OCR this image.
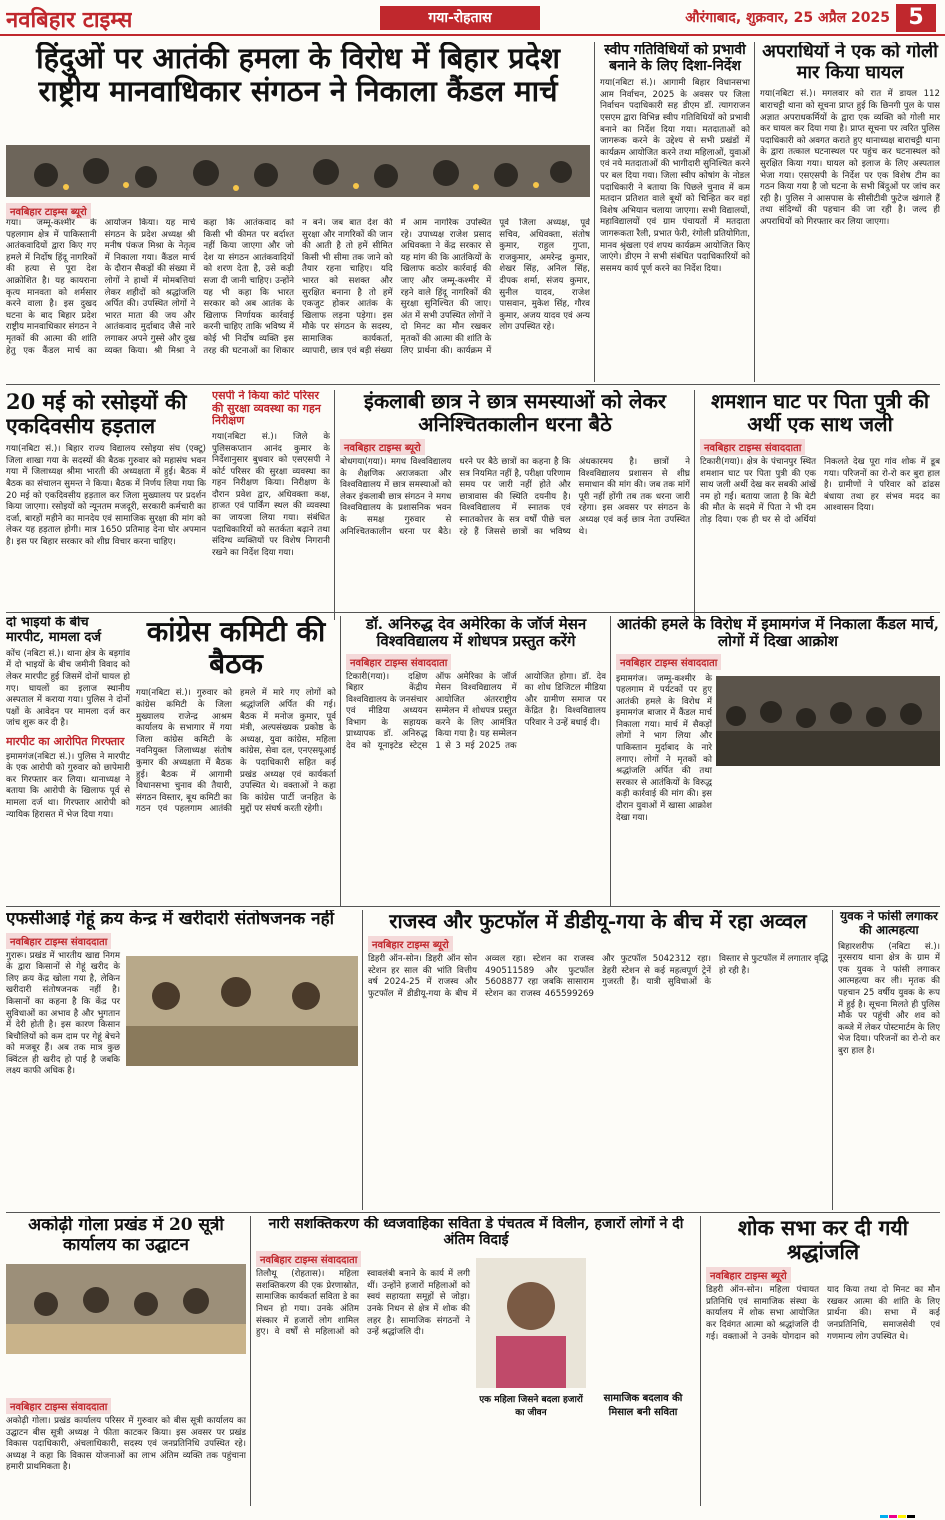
नवबिहार टाइम्स	गया-रोहतास	औरंगाबाद, शुक्रवार, 25 अप्रैल 2025 5
हिंदुओं पर आतंकी हमला के विरोध में बिहार प्रदेश राष्ट्रीय मानवाधिकार संगठन ने निकाला कैंडल मार्च
नवबिहार टाइम्स ब्यूरो
गया। जम्मू-कश्मीर के पहलगाम क्षेत्र में पाकिस्तानी आतंकवादियों द्वारा किए गए हमले में निर्दोष हिंदू नागरिकों की हत्या से पूरा देश आक्रोशित है। यह कायराना कृत्य मानवता को शर्मसार करने वाला है। इस दुखद घटना के बाद बिहार प्रदेश राष्ट्रीय मानवाधिकार संगठन ने मृतकों की आत्मा की शांति हेतु एक कैंडल मार्च का आयोजन किया। यह मार्च संगठन के प्रदेश अध्यक्ष श्री मनीष पंकज मिश्रा के नेतृत्व में निकाला गया। कैंडल मार्च के दौरान सैकड़ों की संख्या में लोगों ने हाथों में मोमबत्तियां लेकर शहीदों को श्रद्धांजलि अर्पित की। उपस्थित लोगों ने भारत माता की जय और आतंकवाद मुर्दाबाद जैसे नारे लगाकर अपने गुस्से और दुख व्यक्त किया। श्री मिश्रा ने कहा कि आतंकवाद को किसी भी कीमत पर बर्दाश्त नहीं किया जाएगा और जो देश या संगठन आतंकवादियों को शरण देता है, उसे कड़ी सजा दी जानी चाहिए। उन्होंने यह भी कहा कि भारत सरकार को अब आतंक के खिलाफ निर्णायक कार्रवाई करनी चाहिए ताकि भविष्य में कोई भी निर्दोष व्यक्ति इस तरह की घटनाओं का शिकार न बने। जब बात देश की सुरक्षा और नागरिकों की जान की आती है तो हमें सीमित किसी भी सीमा तक जाने को तैयार रहना चाहिए। यदि भारत को सशक्त और सुरक्षित बनाना है तो हमें एकजुट होकर आतंक के खिलाफ लड़ना पड़ेगा। इस मौके पर संगठन के सदस्य, सामाजिक कार्यकर्ता, व्यापारी, छात्र एवं बड़ी संख्या में आम नागरिक उपस्थित रहे। उपाध्यक्ष राजेश प्रसाद अधिवक्ता ने केंद्र सरकार से यह मांग की कि आतंकियों के खिलाफ कठोर कार्रवाई की जाए और जम्मू-कश्मीर में रहने वाले हिंदू नागरिकों की सुरक्षा सुनिश्चित की जाए। अंत में सभी उपस्थित लोगों ने दो मिनट का मौन रखकर मृतकों की आत्मा की शांति के लिए प्रार्थना की। कार्यक्रम में पूर्व जिला अध्यक्ष, पूर्व सचिव, अधिवक्ता, संतोष कुमार, राहुल गुप्ता, राजकुमार, अमरेन्द्र कुमार, शेखर सिंह, अनिल सिंह, दीपक शर्मा, संजय कुमार, सुनील यादव, राजेश पासवान, मुकेश सिंह, गौरव कुमार, अजय यादव एवं अन्य लोग उपस्थित रहे।
स्वीप गतिविधियों को प्रभावी बनाने के लिए दिशा-निर्देश
गया(नबिटा सं.)। आगामी बिहार विधानसभा आम निर्वाचन, 2025 के अवसर पर जिला निर्वाचन पदाधिकारी सह डीएम डॉ. त्यागराजन एसएम द्वारा विभिन्न स्वीप गतिविधियों को प्रभावी बनाने का निर्देश दिया गया। मतदाताओं को जागरूक करने के उद्देश्य से सभी प्रखंडों में कार्यक्रम आयोजित करने तथा महिलाओं, युवाओं एवं नये मतदाताओं की भागीदारी सुनिश्चित करने पर बल दिया गया। जिला स्वीप कोषांग के नोडल पदाधिकारी ने बताया कि पिछले चुनाव में कम मतदान प्रतिशत वाले बूथों को चिन्हित कर वहां विशेष अभियान चलाया जाएगा। सभी विद्यालयों, महाविद्यालयों एवं ग्राम पंचायतों में मतदाता जागरूकता रैली, प्रभात फेरी, रंगोली प्रतियोगिता, मानव श्रृंखला एवं शपथ कार्यक्रम आयोजित किए जाएंगे। डीएम ने सभी संबंधित पदाधिकारियों को ससमय कार्य पूर्ण करने का निर्देश दिया।
अपराधियों ने एक को गोली मार किया घायल
गया(नबिटा सं.)। मगलवार को रात में डायल 112 बाराचट्टी थाना को सूचना प्राप्त हुई कि छिनगी पुल के पास अज्ञात अपराधकर्मियों के द्वारा एक व्यक्ति को गोली मार कर घायल कर दिया गया है। प्राप्त सूचना पर त्वरित पुलिस पदाधिकारी को अवगत कराते हुए थानाध्यक्ष बाराचट्टी थाना के द्वारा तत्काल घटनास्थल पर पहुंच कर घटनास्थल को सुरक्षित किया गया। घायल को इलाज के लिए अस्पताल भेजा गया। एसएसपी के निर्देश पर एक विशेष टीम का गठन किया गया है जो घटना के सभी बिंदुओं पर जांच कर रही है। पुलिस ने आसपास के सीसीटीवी फुटेज खंगाले हैं तथा संदिग्धों की पहचान की जा रही है। जल्द ही अपराधियों को गिरफ्तार कर लिया जाएगा।
20 मई को रसोइयों की एकदिवसीय हड़ताल
गया(नबिटा सं.)। बिहार राज्य विद्यालय रसोइया संघ (एक्टू) जिला शाखा गया के सदस्यों की बैठक गुरुवार को महासंघ भवन गया में जिलाध्यक्ष श्रीमा भारती की अध्यक्षता में हुई। बैठक में बैठक का संचालन सुमन्त ने किया। बैठक में निर्णय लिया गया कि 20 मई को एकदिवसीय हड़ताल कर जिला मुख्यालय पर प्रदर्शन किया जाएगा। रसोइयों को न्यूनतम मजदूरी, सरकारी कर्मचारी का दर्जा, बारहों महीने का मानदेय एवं सामाजिक सुरक्षा की मांग को लेकर यह हड़ताल होगी। मात्र 1650 प्रतिमाह देना घोर अपमान है। इस पर बिहार सरकार को शीघ्र विचार करना चाहिए।
एसपी ने किया कोर्ट परिसर की सुरक्षा व्यवस्था का गहन निरीक्षण
गया(नबिटा सं.)। जिले के पुलिसकप्तान आनंद कुमार के निर्देशानुसार बुधवार को एसएसपी ने कोर्ट परिसर की सुरक्षा व्यवस्था का गहन निरीक्षण किया। निरीक्षण के दौरान प्रवेश द्वार, अधिवक्ता कक्ष, हाजत एवं पार्किंग स्थल की व्यवस्था का जायजा लिया गया। संबंधित पदाधिकारियों को सतर्कता बढ़ाने तथा संदिग्ध व्यक्तियों पर विशेष निगरानी रखने का निर्देश दिया गया।
इंकलाबी छात्र ने छात्र समस्याओं को लेकर अनिश्चितकालीन धरना बैठे
नवबिहार टाइम्स ब्यूरो
बोधगया(गया)। मगध विश्वविद्यालय के शैक्षणिक अराजकता और विश्वविद्यालय में छात्र समस्याओं को लेकर इंकलाबी छात्र संगठन ने मगध विश्वविद्यालय के प्रशासनिक भवन के समक्ष गुरुवार से अनिश्चितकालीन धरना पर बैठे। धरने पर बैठे छात्रों का कहना है कि सत्र नियमित नहीं है, परीक्षा परिणाम समय पर जारी नहीं होते और छात्रावास की स्थिति दयनीय है। विश्वविद्यालय में स्नातक एवं स्नातकोत्तर के सत्र वर्षों पीछे चल रहे हैं जिससे छात्रों का भविष्य अंधकारमय है। छात्रों ने विश्वविद्यालय प्रशासन से शीघ्र समाधान की मांग की। जब तक मांगें पूरी नहीं होंगी तब तक धरना जारी रहेगा। इस अवसर पर संगठन के अध्यक्ष एवं कई छात्र नेता उपस्थित थे।
शमशान घाट पर पिता पुत्री की अर्थी एक साथ जली
नवबिहार टाइम्स संवाददाता
टिकारी(गया)। क्षेत्र के पंचानपुर स्थित शमशान घाट पर पिता पुत्री की एक साथ जली अर्थी देख कर सबकी आंखें नम हो गईं। बताया जाता है कि बेटी की मौत के सदमे में पिता ने भी दम तोड़ दिया। एक ही घर से दो अर्थियां निकलते देख पूरा गांव शोक में डूब गया। परिजनों का रो-रो कर बुरा हाल है। ग्रामीणों ने परिवार को ढांढस बंधाया तथा हर संभव मदद का आश्वासन दिया।
दो भाइयों के बीच मारपीट, मामला दर्ज
कोंच (नबिटा सं.)। थाना क्षेत्र के बड़गांव में दो भाइयों के बीच जमीनी विवाद को लेकर मारपीट हुई जिसमें दोनों घायल हो गए। घायलों का इलाज स्थानीय अस्पताल में कराया गया। पुलिस ने दोनों पक्षों के आवेदन पर मामला दर्ज कर जांच शुरू कर दी है।
मारपीट का आरोपित गिरफ्तार
इमामगंज(नबिटा सं.)। पुलिस ने मारपीट के एक आरोपी को गुरुवार को छापेमारी कर गिरफ्तार कर लिया। थानाध्यक्ष ने बताया कि आरोपी के खिलाफ पूर्व से मामला दर्ज था। गिरफ्तार आरोपी को न्यायिक हिरासत में भेज दिया गया।
कांग्रेस कमिटी की बैठक
गया(नबिटा सं.)। गुरुवार को कांग्रेस कमिटी के जिला मुख्यालय राजेन्द्र आश्रम कार्यालय के सभागार में गया जिला कांग्रेस कमिटी के नवनियुक्त जिलाध्यक्ष संतोष कुमार की अध्यक्षता में बैठक हुई। बैठक में आगामी विधानसभा चुनाव की तैयारी, संगठन विस्तार, बूथ कमिटी का गठन एवं पहलगाम आतंकी हमले में मारे गए लोगों को श्रद्धांजलि अर्पित की गई। बैठक में मनोज कुमार, पूर्व मंत्री, अल्पसंख्यक प्रकोष्ठ के अध्यक्ष, युवा कांग्रेस, महिला कांग्रेस, सेवा दल, एनएसयूआई के पदाधिकारी सहित कई प्रखंड अध्यक्ष एवं कार्यकर्ता उपस्थित थे। वक्ताओं ने कहा कि कांग्रेस पार्टी जनहित के मुद्दों पर संघर्ष करती रहेगी।
डॉ. अनिरुद्ध देव अमेरिका के जॉर्ज मेसन विश्वविद्यालय में शोधपत्र प्रस्तुत करेंगे
नवबिहार टाइम्स संवाददाता
टिकारी(गया)। दक्षिण बिहार केंद्रीय विश्वविद्यालय के जनसंचार एवं मीडिया अध्ययन विभाग के सहायक प्राध्यापक डॉ. अनिरुद्ध देव को यूनाइटेड स्टेट्स ऑफ अमेरिका के जॉर्ज मेसन विश्वविद्यालय में आयोजित अंतरराष्ट्रीय सम्मेलन में शोधपत्र प्रस्तुत करने के लिए आमंत्रित किया गया है। यह सम्मेलन 1 से 3 मई 2025 तक आयोजित होगा। डॉ. देव का शोध डिजिटल मीडिया और ग्रामीण समाज पर केंद्रित है। विश्वविद्यालय परिवार ने उन्हें बधाई दी।
आतंकी हमले के विरोध में इमामगंज में निकाला कैंडल मार्च, लोगों में दिखा आक्रोश
नवबिहार टाइम्स संवाददाता
इमामगंज। जम्मू-कश्मीर के पहलगाम में पर्यटकों पर हुए आतंकी हमले के विरोध में इमामगंज बाजार में कैंडल मार्च निकाला गया। मार्च में सैकड़ों लोगों ने भाग लिया और पाकिस्तान मुर्दाबाद के नारे लगाए। लोगों ने मृतकों को श्रद्धांजलि अर्पित की तथा सरकार से आतंकियों के विरुद्ध कड़ी कार्रवाई की मांग की। इस दौरान युवाओं में खासा आक्रोश देखा गया।
एफसीआई गेहूं क्रय केन्द्र में खरीदारी संतोषजनक नहीं
नवबिहार टाइम्स संवाददाता
गुरारू। प्रखंड में भारतीय खाद्य निगम के द्वारा किसानों से गेहूं खरीद के लिए क्रय केंद्र खोला गया है, लेकिन खरीदारी संतोषजनक नहीं है। किसानों का कहना है कि केंद्र पर सुविधाओं का अभाव है और भुगतान में देरी होती है। इस कारण किसान बिचौलियों को कम दाम पर गेहूं बेचने को मजबूर हैं। अब तक मात्र कुछ क्विंटल ही खरीद हो पाई है जबकि लक्ष्य काफी अधिक है।
राजस्व और फुटफॉल में डीडीयू-गया के बीच में रहा अव्वल
नवबिहार टाइम्स ब्यूरो
डिहरी ऑन-सोन। डिहरी ऑन सोन स्टेशन हर साल की भांति वित्तीय वर्ष 2024-25 में राजस्व और फुटफॉल में डीडीयू-गया के बीच में अव्वल रहा। स्टेशन का राजस्व 490511589 और फुटफॉल 5608877 रहा जबकि सासाराम स्टेशन का राजस्व 465599269 और फुटफॉल 5042312 रहा। डेहरी स्टेशन से कई महत्वपूर्ण ट्रेनें गुजरती हैं। यात्री सुविधाओं के विस्तार से फुटफॉल में लगातार वृद्धि हो रही है।
युवक ने फांसी लगाकर की आत्महत्या
बिहारशरीफ (नबिटा सं.)। नूरसराय थाना क्षेत्र के ग्राम में एक युवक ने फांसी लगाकर आत्महत्या कर ली। मृतक की पहचान 25 वर्षीय युवक के रूप में हुई है। सूचना मिलते ही पुलिस मौके पर पहुंची और शव को कब्जे में लेकर पोस्टमार्टम के लिए भेज दिया। परिजनों का रो-रो कर बुरा हाल है।
अकोढ़ी गोला प्रखंड में 20 सूत्री कार्यालय का उद्घाटन
नवबिहार टाइम्स संवाददाता
अकोढ़ी गोला। प्रखंड कार्यालय परिसर में गुरुवार को बीस सूत्री कार्यालय का उद्घाटन बीस सूत्री अध्यक्ष ने फीता काटकर किया। इस अवसर पर प्रखंड विकास पदाधिकारी, अंचलाधिकारी, सदस्य एवं जनप्रतिनिधि उपस्थित रहे। अध्यक्ष ने कहा कि विकास योजनाओं का लाभ अंतिम व्यक्ति तक पहुंचाना हमारी प्राथमिकता है।
नारी सशक्तिकरण की ध्वजवाहिका सविता डे पंचतत्व में विलीन, हजारों लोगों ने दी अंतिम विदाई
नवबिहार टाइम्स संवाददाता
एक महिला जिसने बदला हजारों का जीवन
सामाजिक बदलाव की मिसाल बनी सविता
तिलौथू (रोहतास)। महिला सशक्तिकरण की एक प्रेरणास्रोत, सामाजिक कार्यकर्ता सविता डे का निधन हो गया। उनके अंतिम संस्कार में हजारों लोग शामिल हुए। वे वर्षों से महिलाओं को स्वावलंबी बनाने के कार्य में लगी थीं। उन्होंने हजारों महिलाओं को स्वयं सहायता समूहों से जोड़ा। उनके निधन से क्षेत्र में शोक की लहर है। सामाजिक संगठनों ने उन्हें श्रद्धांजलि दी।
शोक सभा कर दी गयी श्रद्धांजलि
नवबिहार टाइम्स ब्यूरो
डिहरी ऑन-सोन। महिला पंचायत प्रतिनिधि एवं सामाजिक संस्था के कार्यालय में शोक सभा आयोजित कर दिवंगत आत्मा को श्रद्धांजलि दी गई। वक्ताओं ने उनके योगदान को याद किया तथा दो मिनट का मौन रखकर आत्मा की शांति के लिए प्रार्थना की। सभा में कई जनप्रतिनिधि, समाजसेवी एवं गणमान्य लोग उपस्थित थे।
